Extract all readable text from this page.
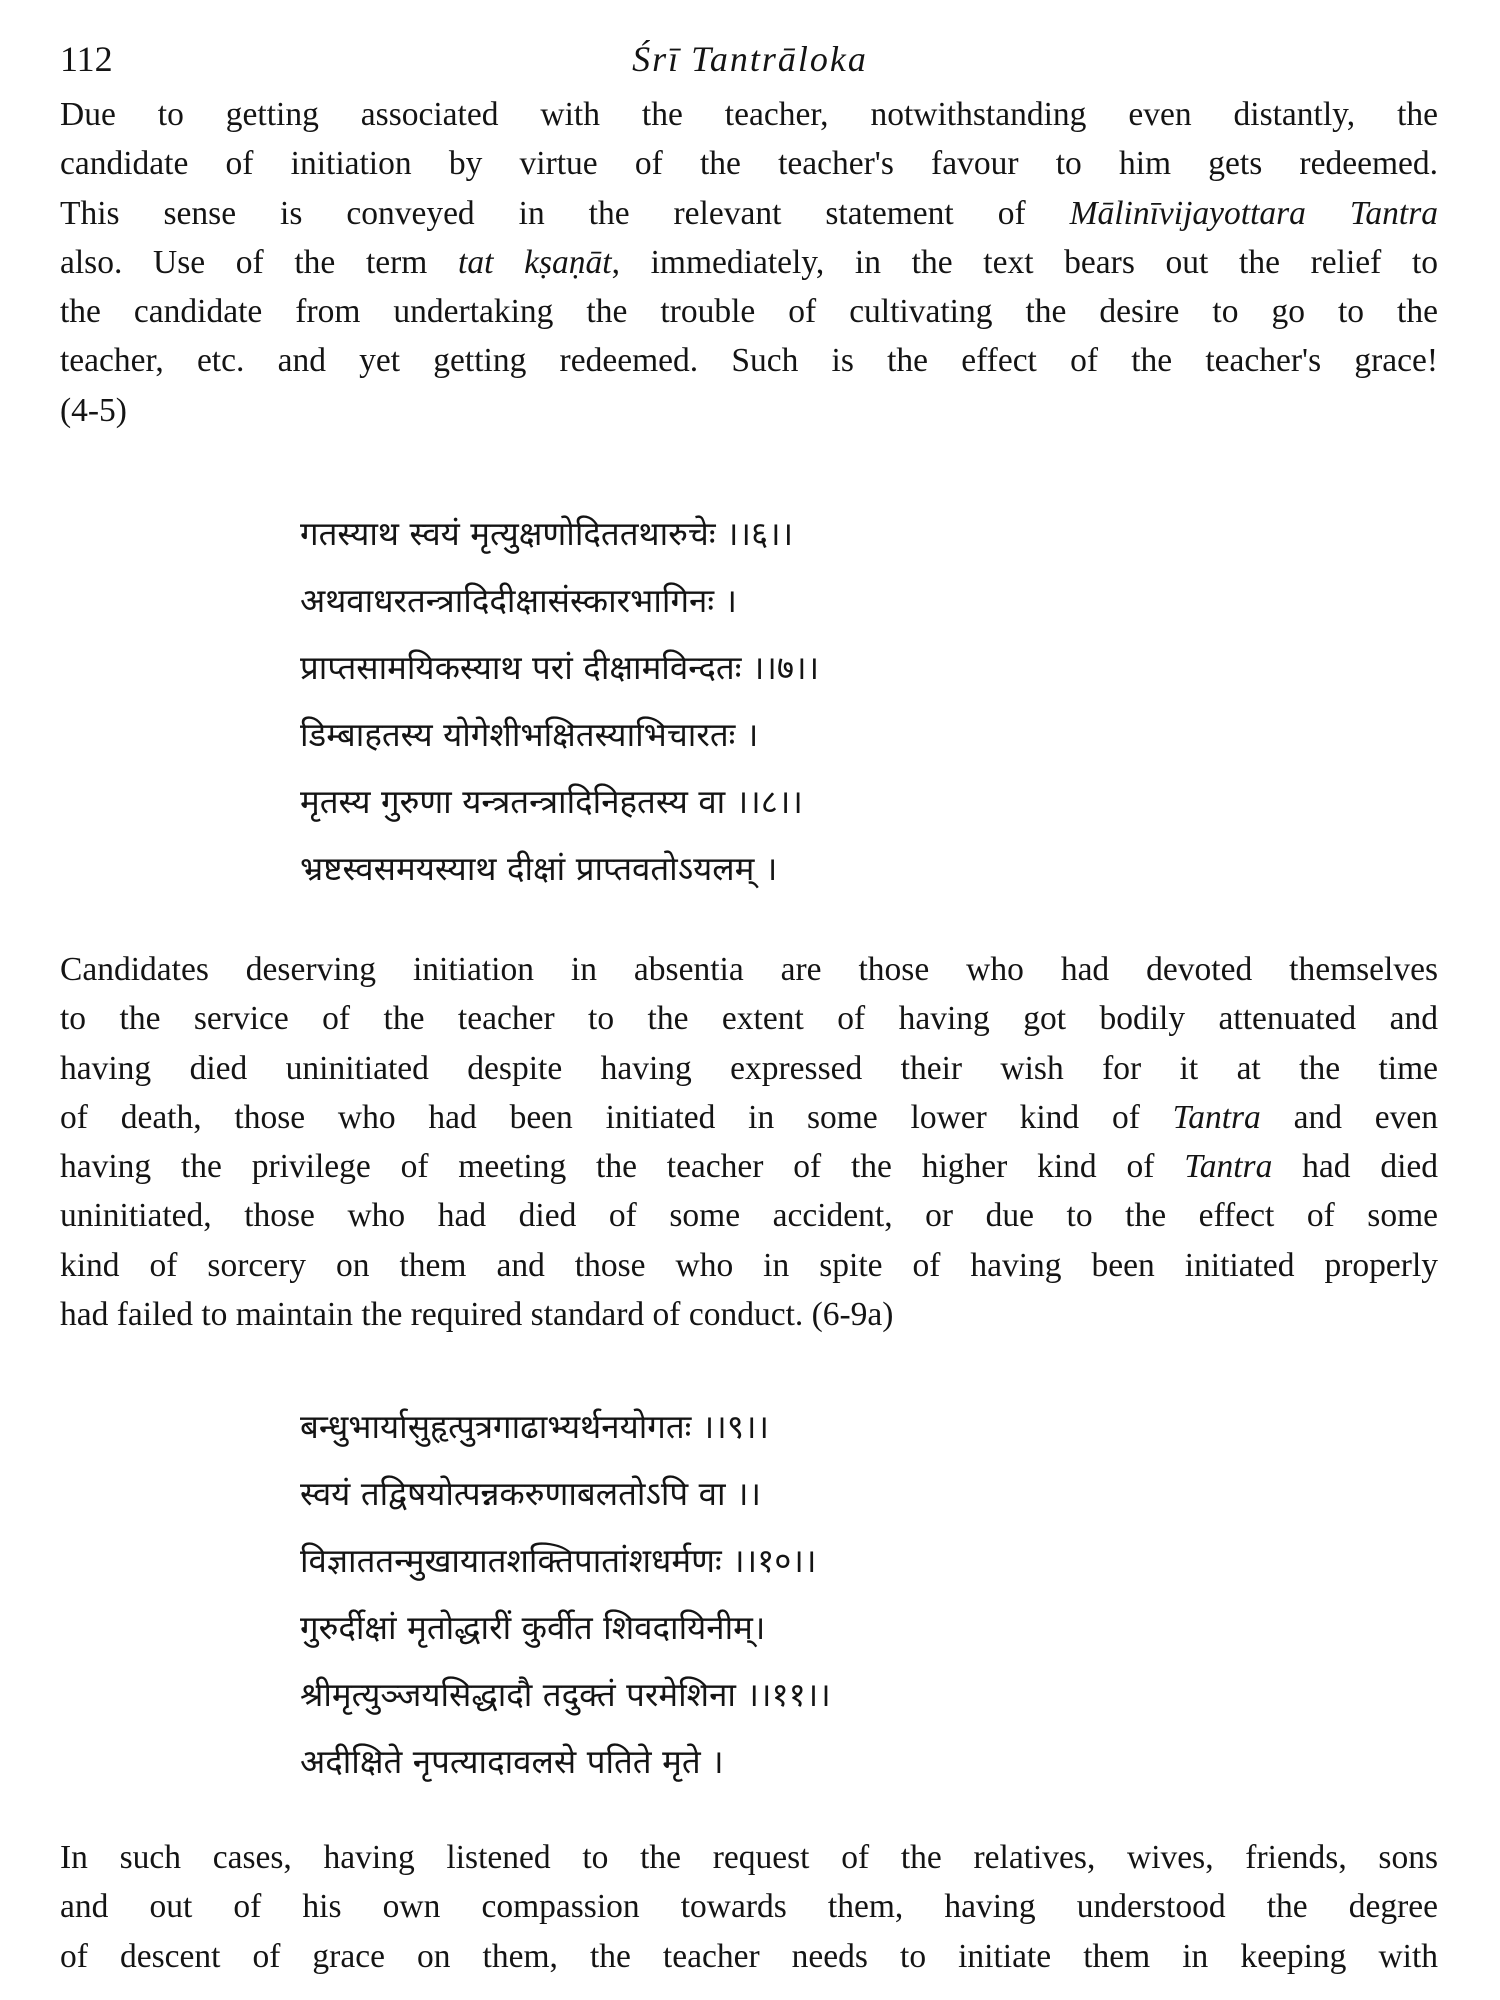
112	Śrī Tantrāloka
Due to getting associated with the teacher, notwithstanding even distantly, the
candidate of initiation by virtue of the teacher's favour to him gets redeemed.
This sense is conveyed in the relevant statement of Mālinīvijayottara Tantra
also. Use of the term tat kṣaṇāt, immediately, in the text bears out the relief to
the candidate from undertaking the trouble of cultivating the desire to go to the
teacher, etc. and yet getting redeemed. Such is the effect of the teacher's grace!
(4-5)
गतस्याथ स्वयं मृत्युक्षणोदिततथारुचेः ।।६।।
अथवाधरतन्त्रादिदीक्षासंस्कारभागिनः ।
प्राप्तसामयिकस्याथ परां दीक्षामविन्दतः ।।७।।
डिम्बाहतस्य योगेशीभक्षितस्याभिचारतः ।
मृतस्य गुरुणा यन्त्रतन्त्रादिनिहतस्य वा ।।८।।
भ्रष्टस्वसमयस्याथ दीक्षां प्राप्तवतोऽयलम् ।
Candidates deserving initiation in absentia are those who had devoted themselves
to the service of the teacher to the extent of having got bodily attenuated and
having died uninitiated despite having expressed their wish for it at the time
of death, those who had been initiated in some lower kind of Tantra and even
having the privilege of meeting the teacher of the higher kind of Tantra had died
uninitiated, those who had died of some accident, or due to the effect of some
kind of sorcery on them and those who in spite of having been initiated properly
had failed to maintain the required standard of conduct. (6-9a)
बन्धुभार्यासुहृत्पुत्रगाढाभ्यर्थनयोगतः ।।९।।
स्वयं तद्विषयोत्पन्नकरुणाबलतोऽपि वा ।।
विज्ञाततन्मुखायातशक्तिपातांशधर्मणः ।।१०।।
गुरुर्दीक्षां मृतोद्धारीं कुर्वीत शिवदायिनीम्।
श्रीमृत्युञ्जयसिद्धादौ तदुक्तं परमेशिना ।।११।।
अदीक्षिते नृपत्यादावलसे पतिते मृते ।
In such cases, having listened to the request of the relatives, wives, friends, sons
and out of his own compassion towards them, having understood the degree
of descent of grace on them, the teacher needs to initiate them in keeping with
